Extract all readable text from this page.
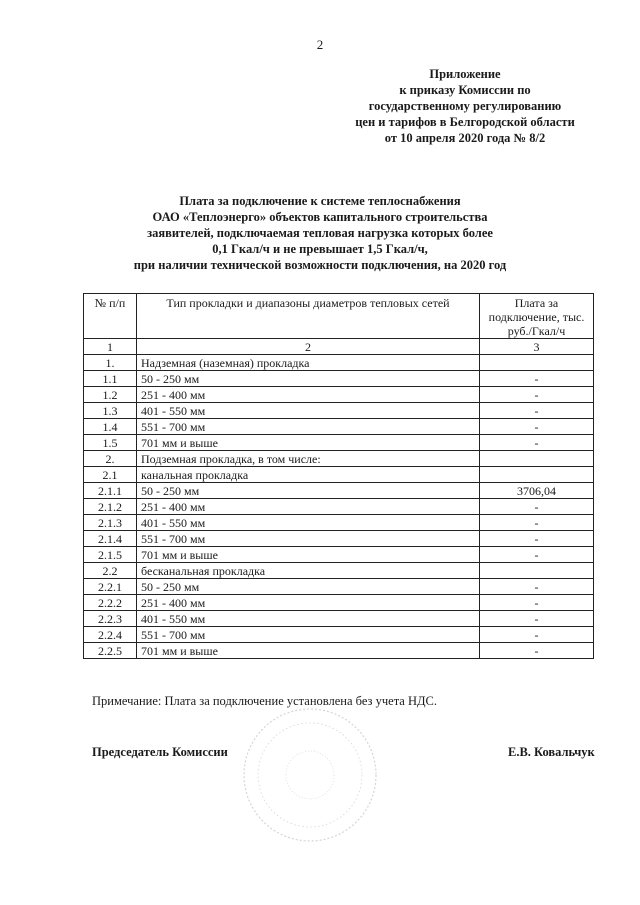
2
Приложение
к приказу Комиссии по
государственному регулированию
цен и тарифов в Белгородской области
от 10 апреля 2020 года № 8/2
Плата за подключение к системе теплоснабжения
ОАО «Теплоэнерго» объектов капитального строительства
заявителей, подключаемая тепловая нагрузка которых более
0,1 Гкал/ч и не превышает 1,5 Гкал/ч,
при наличии технической возможности подключения, на 2020 год
№ п/п	Тип прокладки и диапазоны диаметров тепловых сетей	Плата за подключение, тыс. руб./Гкал/ч
1	2	3
1.	Надземная (наземная) прокладка	
1.1	50 - 250 мм	-
1.2	251 - 400 мм	-
1.3	401 - 550 мм	-
1.4	551 - 700 мм	-
1.5	701 мм и выше	-
2.	Подземная прокладка, в том числе:	
2.1	канальная прокладка	
2.1.1	50 - 250 мм	3706,04
2.1.2	251 - 400 мм	-
2.1.3	401 - 550 мм	-
2.1.4	551 - 700 мм	-
2.1.5	701 мм и выше	-
2.2	бесканальная прокладка	
2.2.1	50 - 250 мм	-
2.2.2	251 - 400 мм	-
2.2.3	401 - 550 мм	-
2.2.4	551 - 700 мм	-
2.2.5	701 мм и выше	-
Примечание: Плата за подключение установлена без учета НДС.
Председатель Комиссии	Е.В. Ковальчук
